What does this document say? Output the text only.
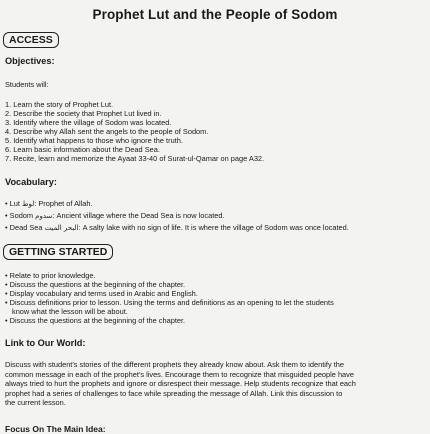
Prophet Lut and the People of Sodom
ACCESS
Objectives:
Students will:
1. Learn the story of Prophet Lut.
2. Describe the society that Prophet Lut lived in.
3. Identify where the village of Sodom was located.
4. Describe why Allah sent the angels to the people of Sodom.
5. Identify what happens to those who ignore the truth.
6. Learn basic information about the Dead Sea.
7. Recite, learn and memorize the Ayaat 33-40 of Surat-ul-Qamar on page A32.
Vocabulary:
• Lut لوط: Prophet of Allah.
• Sodom سدوم: Ancient village where the Dead Sea is now located.
• Dead Sea البحر الميت: A salty lake with no sign of life. It is where the village of Sodom was once located.
GETTING STARTED
• Relate to prior knowledge.
• Discuss the questions at the beginning of the chapter.
• Display vocabulary and terms used in Arabic and English.
• Discuss definitions prior to lesson. Using the terms and definitions as an opening to let the students
know what the lesson will be about.
• Discuss the questions at the beginning of the chapter.
Link to Our World:
Discuss with student's stories of the different prophets they already know about. Ask them to identify the
common message in each of the prophet's lives. Encourage them to recognize that misguided people have
always tried to hurt the prophets and ignore or disrespect their message. Help students recognize that each
prophet had a series of challenges to face while spreading the message of Allah. Link this discussion to
the current lesson.
Focus On The Main Idea:
